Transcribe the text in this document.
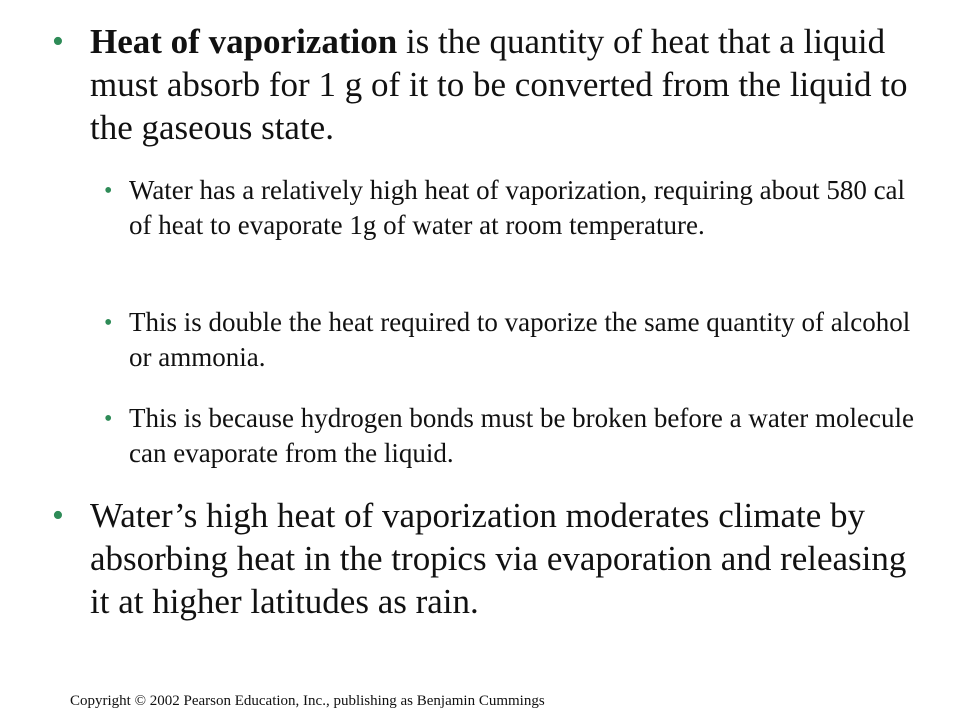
• Heat of vaporization is the quantity of heat that a liquid must absorb for 1 g of it to be converted from the liquid to the gaseous state.
• Water has a relatively high heat of vaporization, requiring about 580 cal of heat to evaporate 1g of water at room temperature.
• This is double the heat required to vaporize the same quantity of alcohol or ammonia.
• This is because hydrogen bonds must be broken before a water molecule can evaporate from the liquid.
• Water’s high heat of vaporization moderates climate by absorbing heat in the tropics via evaporation and releasing it at higher latitudes as rain.
Copyright © 2002 Pearson Education, Inc., publishing as Benjamin Cummings
